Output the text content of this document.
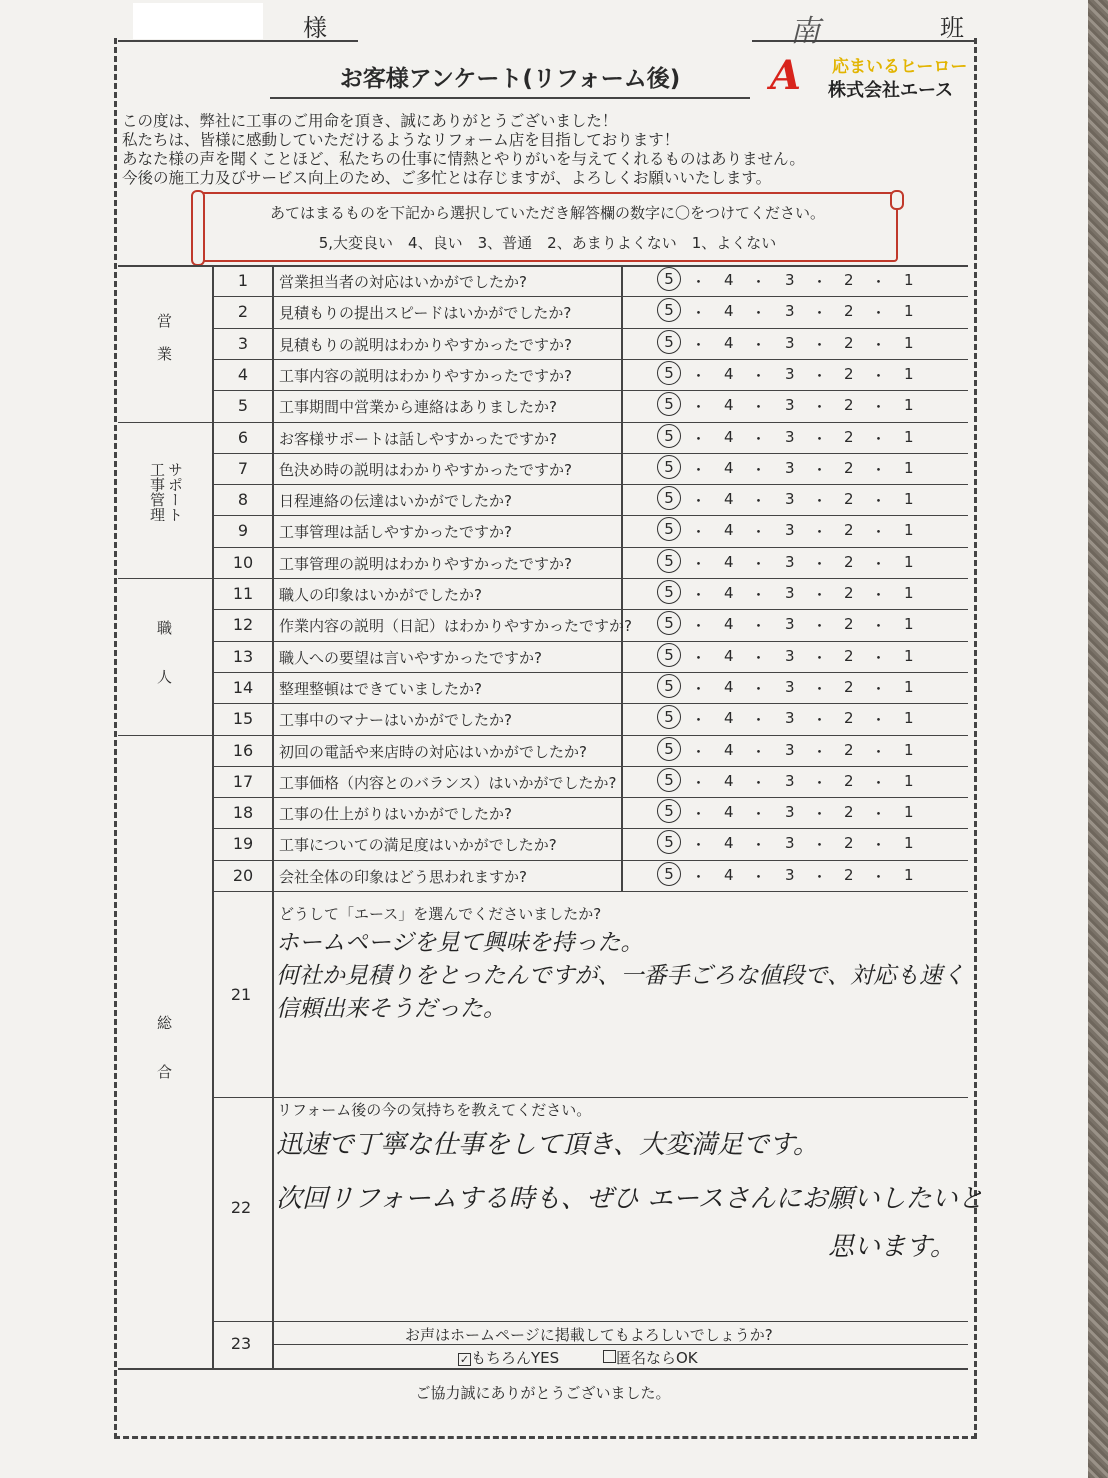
様	南	班
お客様アンケート(リフォーム後)	A 応まいるヒーロー
株式会社エース
この度は、弊社に工事のご用命を頂き、誠にありがとうございました！
私たちは、皆様に感動していただけるようなリフォーム店を目指しております！
あなた様の声を聞くことほど、私たちの仕事に情熱とやりがいを与えてくれるものはありません。
今後の施工力及びサービス向上のため、ご多忙とは存じますが、よろしくお願いいたします。
あてはまるものを下記から選択していただき解答欄の数字に〇をつけてください。
5,大変良い　4、良い　3、普通　2、あまりよくない　1、よくない
営業
工事管理 サポート
職人
総合
1	営業担当者の対応はいかがでしたか?	5	・ 4 ・ 3 ・ 2 ・ 1
2	見積もりの提出スピードはいかがでしたか?	5	・ 4 ・ 3 ・ 2 ・ 1
3	見積もりの説明はわかりやすかったですか?	5	・ 4 ・ 3 ・ 2 ・ 1
4	工事内容の説明はわかりやすかったですか?	5	・ 4 ・ 3 ・ 2 ・ 1
5	工事期間中営業から連絡はありましたか?	5	・ 4 ・ 3 ・ 2 ・ 1
6	お客様サポートは話しやすかったですか?	5	・ 4 ・ 3 ・ 2 ・ 1
7	色決め時の説明はわかりやすかったですか?	5	・ 4 ・ 3 ・ 2 ・ 1
8	日程連絡の伝達はいかがでしたか?	5	・ 4 ・ 3 ・ 2 ・ 1
9	工事管理は話しやすかったですか?	5	・ 4 ・ 3 ・ 2 ・ 1
10	工事管理の説明はわかりやすかったですか?	5	・ 4 ・ 3 ・ 2 ・ 1
11	職人の印象はいかがでしたか?	5	・ 4 ・ 3 ・ 2 ・ 1
12	作業内容の説明（日記）はわかりやすかったですか?	5	・ 4 ・ 3 ・ 2 ・ 1
13	職人への要望は言いやすかったですか?	5	・ 4 ・ 3 ・ 2 ・ 1
14	整理整頓はできていましたか?	5	・ 4 ・ 3 ・ 2 ・ 1
15	工事中のマナーはいかがでしたか?	5	・ 4 ・ 3 ・ 2 ・ 1
16	初回の電話や来店時の対応はいかがでしたか?	5	・ 4 ・ 3 ・ 2 ・ 1
17	工事価格（内容とのバランス）はいかがでしたか?	5	・ 4 ・ 3 ・ 2 ・ 1
18	工事の仕上がりはいかがでしたか?	5	・ 4 ・ 3 ・ 2 ・ 1
19	工事についての満足度はいかがでしたか?	5	・ 4 ・ 3 ・ 2 ・ 1
20	会社全体の印象はどう思われますか?	5	・ 4 ・ 3 ・ 2 ・ 1
21
どうして「エース」を選んでくださいましたか?
ホームページを見て興味を持った。
何社か見積りをとったんですが、一番手ごろな値段で、対応も速く
信頼出来そうだった。
22
リフォーム後の今の気持ちを教えてください。
迅速で丁寧な仕事をして頂き、大変満足です。
次回リフォームする時も、ぜひ エースさんにお願いしたいと
思います。
23	お声はホームページに掲載してもよろしいでしょうか?
✓ もちろんYES	匿名ならOK
ご協力誠にありがとうございました。
